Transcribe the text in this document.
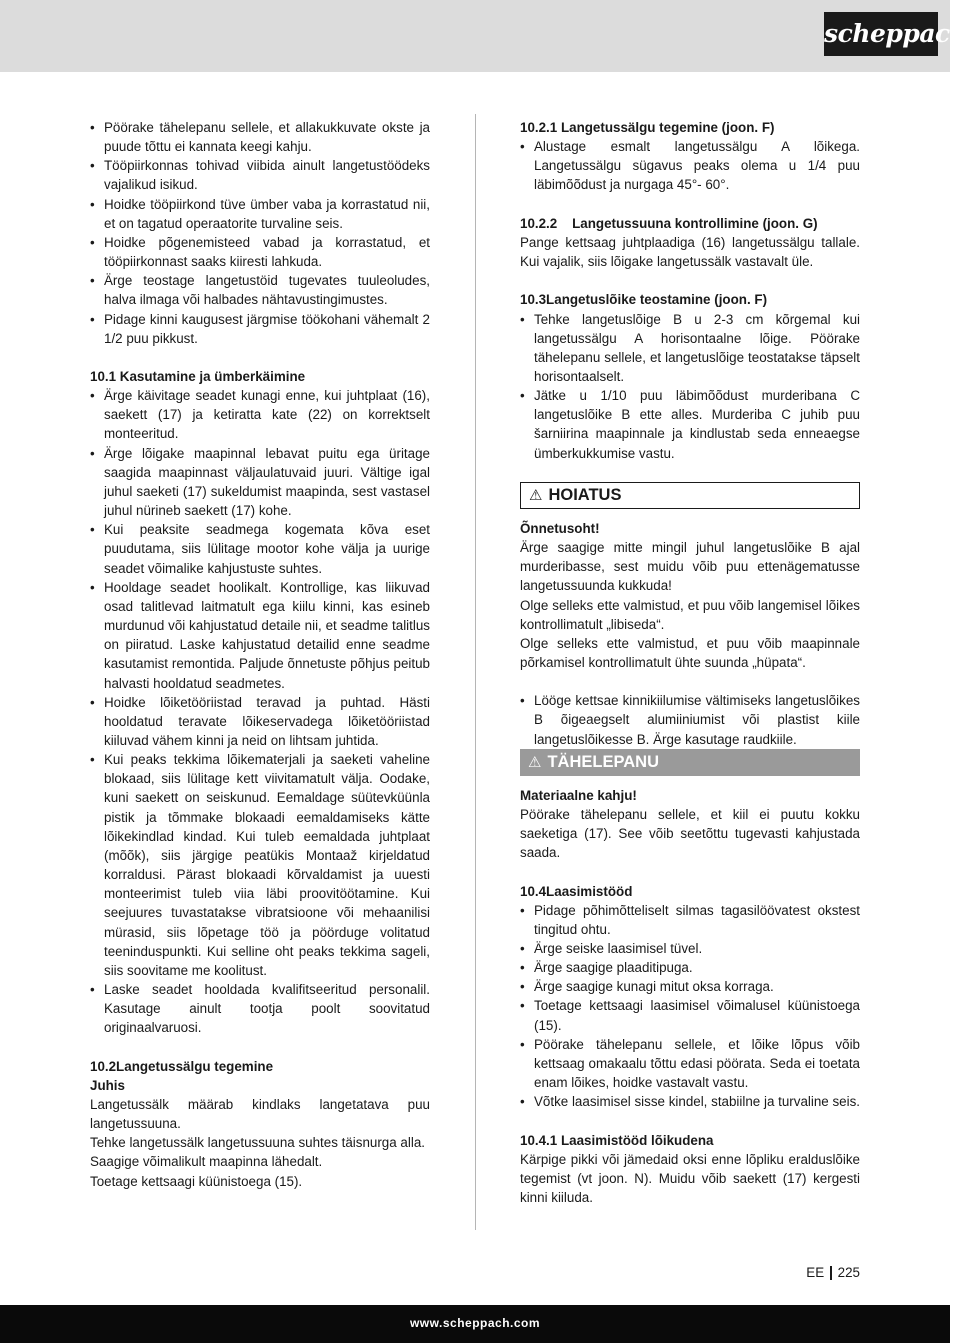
scheppach
• Pöörake tähelepanu sellele, et allakukkuvate okste ja puude tõttu ei kannata keegi kahju.
• Tööpiirkonnas tohivad viibida ainult langetustöödeks vajalikud isikud.
• Hoidke tööpiirkond tüve ümber vaba ja korrastatud nii, et on tagatud operaatorite turvaline seis.
• Hoidke põgenemisteed vabad ja korrastatud, et tööpiirkonnast saaks kiiresti lahkuda.
• Ärge teostage langetustöid tugevates tuuleoludes, halva ilmaga või halbades nähtavustingimustes.
• Pidage kinni kaugusest järgmise töökohani vähemalt 2 1/2 puu pikkust.
10.1 Kasutamine ja ümberkäimine
• Ärge käivitage seadet kunagi enne, kui juhtplaat (16), saekett (17) ja ketiratta kate (22) on korrektselt monteeritud.
• Ärge lõigake maapinnal lebavat puitu ega üritage saagida maapinnast väljaulatuvaid juuri. Vältige igal juhul saeketi (17) sukeldumist maapinda, sest vastasel juhul nürineb saekett (17) kohe.
• Kui peaksite seadmega kogemata kõva eset puudutama, siis lülitage mootor kohe välja ja uurige seadet võimalike kahjustuste suhtes.
• Hooldage seadet hoolikalt. Kontrollige, kas liikuvad osad talitlevad laitmatult ega kiilu kinni, kas esineb murdunud või kahjustatud detaile nii, et seadme talitlus on piiratud. Laske kahjustatud detailid enne seadme kasutamist remontida. Paljude õnnetuste põhjus peitub halvasti hooldatud seadmetes.
• Hoidke lõiketööriistad teravad ja puhtad. Hästi hooldatud teravate lõikeservadega lõiketööriistad kiiluvad vähem kinni ja neid on lihtsam juhtida.
• Kui peaks tekkima lõikematerjali ja saeketi vaheline blokaad, siis lülitage kett viivitamatult välja. Oodake, kuni saekett on seiskunud. Eemaldage süütevküünla pistik ja tõmmake blokaadi eemaldamiseks kätte lõikekindlad kindad. Kui tuleb eemaldada juhtplaat (mõõk), siis järgige peatükis Montaaž kirjeldatud korraldusi. Pärast blokaadi kõrvaldamist ja uuesti monteerimist tuleb viia läbi proovitöötamine. Kui seejuures tuvastatakse vibratsioone või mehaanilisi mürasid, siis lõpetage töö ja pöörduge volitatud teeninduspunkti. Kui selline oht peaks tekkima sageli, siis soovitame me koolitust.
• Laske seadet hooldada kvalifitseeritud personalil. Kasutage ainult tootja poolt soovitatud originaalvaruosi.
10.2Langetussälgu tegemine
Juhis
Langetussälk määrab kindlaks langetatava puu langetussuuna.
Tehke langetussälk langetussuuna suhtes täisnurga alla.
Saagige võimalikult maapinna lähedalt.
Toetage kettsaagi küünistoega (15).
10.2.1 Langetussälgu tegemine (joon. F)
• Alustage esmalt langetussälgu A lõikega. Langetussälgu sügavus peaks olema u 1/4 puu läbimõõdust ja nurgaga 45°- 60°.
10.2.2    Langetussuuna kontrollimine (joon. G)
Pange kettsaag juhtplaadiga (16) langetussälgu tallale. Kui vajalik, siis lõigake langetussälk vastavalt üle.
10.3Langetuslõike teostamine (joon. F)
• Tehke langetuslõige B u 2-3 cm kõrgemal kui langetussälgu A horisontaalne lõige. Pöörake tähelepanu sellele, et langetuslõige teostatakse täpselt horisontaalselt.
• Jätke u 1/10 puu läbimõõdust murderibana C langetuslõike B ette alles. Murderiba C juhib puu šarniirina maapinnale ja kindlustab seda enneaegse ümberkukkumise vastu.
⚠ HOIATUS
Õnnetusoht!
Ärge saagige mitte mingil juhul langetuslõike B ajal murderibasse, sest muidu võib puu ettenägematusse langetussuunda kukkuda!
Olge selleks ette valmistud, et puu võib langemisel lõikes kontrollimatult „libiseda“.
Olge selleks ette valmistud, et puu võib maapinnale põrkamisel kontrollimatult ühte suunda „hüpata“.
• Lööge kettsae kinnikiilumise vältimiseks langetuslõikes B õigeaegselt alumiiniumist või plastist kiile langetuslõikesse B. Ärge kasutage raudkiile.
⚠ TÄHELEPANU
Materiaalne kahju!
Pöörake tähelepanu sellele, et kiil ei puutu kokku saeketiga (17). See võib seetõttu tugevasti kahjustada saada.
10.4Laasimistööd
• Pidage põhimõtteliselt silmas tagasilöövatest okstest tingitud ohtu.
• Ärge seiske laasimisel tüvel.
• Ärge saagige plaaditipuga.
• Ärge saagige kunagi mitut oksa korraga.
• Toetage kettsaagi laasimisel võimalusel küünistoega (15).
• Pöörake tähelepanu sellele, et lõike lõpus võib kettsaag omakaalu tõttu edasi pöörata. Seda ei toetata enam lõikes, hoidke vastavalt vastu.
• Võtke laasimisel sisse kindel, stabiilne ja turvaline seis.
10.4.1 Laasimistööd lõikudena
Kärpige pikki või jämedaid oksi enne lõpliku eralduslõike tegemist (vt joon. N). Muidu võib saekett (17) kergesti kinni kiiluda.
EE 225
www.scheppach.com
